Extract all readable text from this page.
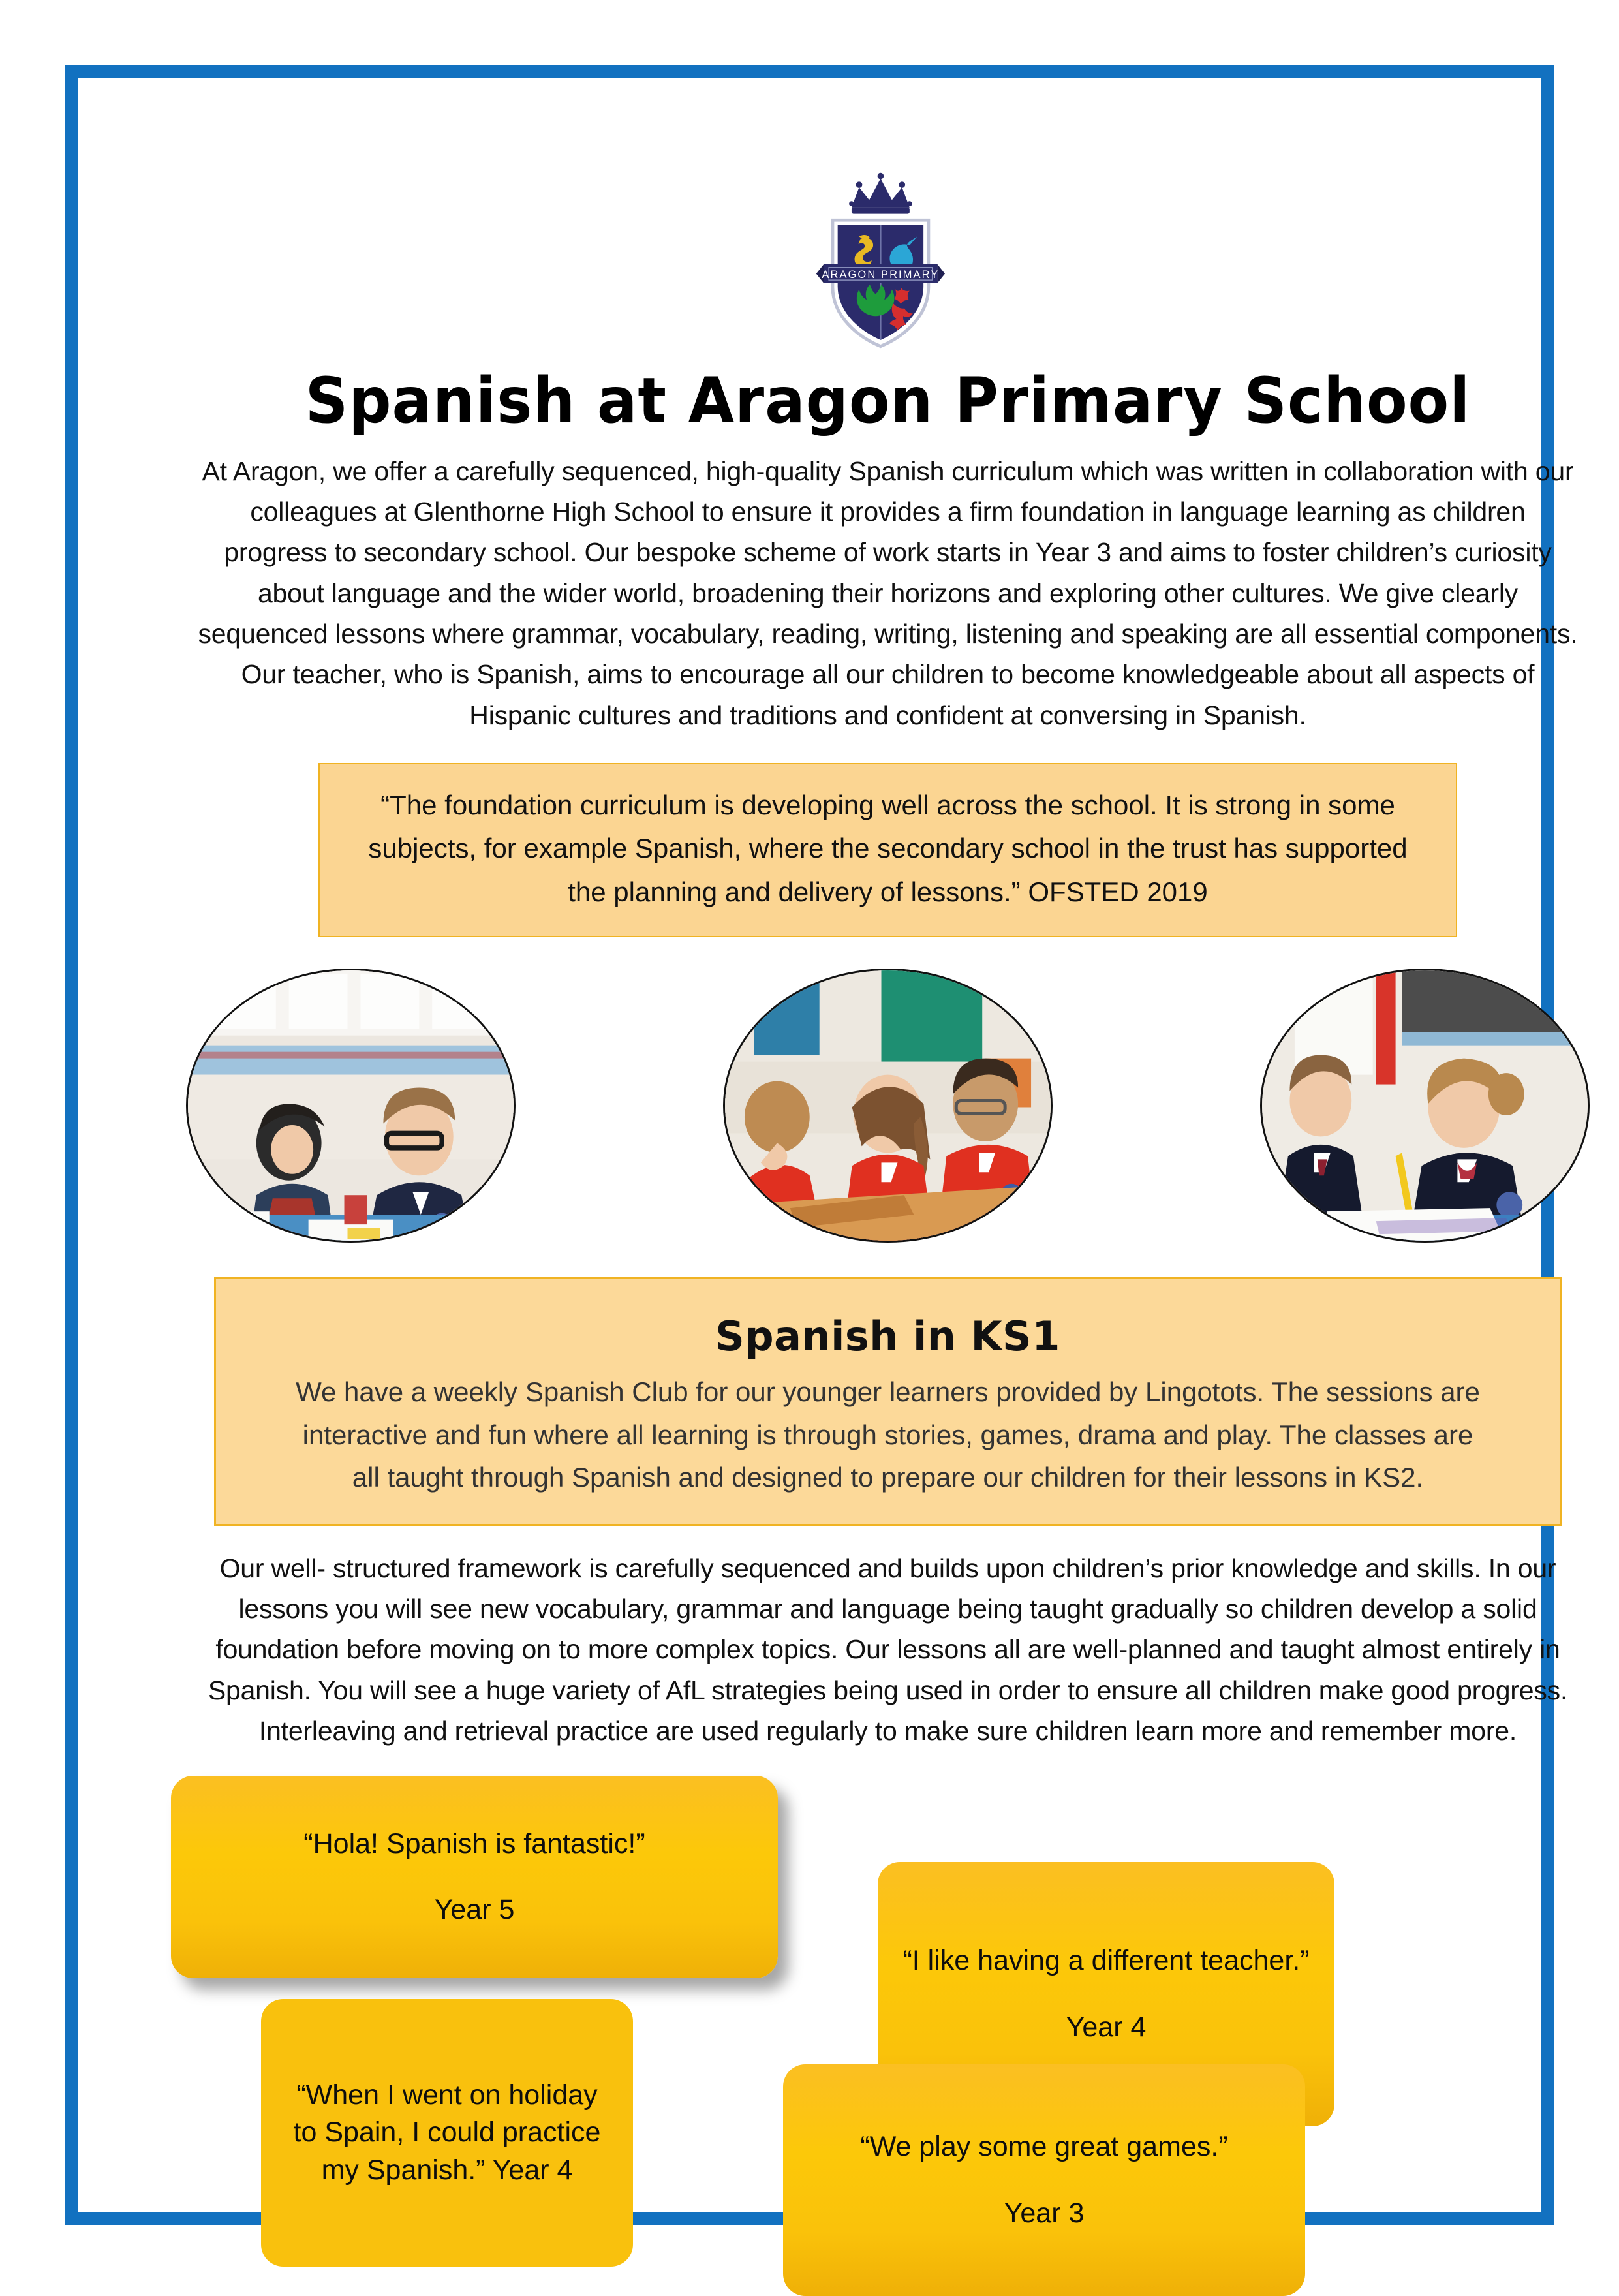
ARAGON PRIMARY
Spanish at Aragon Primary School

At Aragon, we offer a carefully sequenced, high-quality Spanish curriculum which was written in collaboration with our colleagues at Glenthorne High School to ensure it provides a firm foundation in language learning as children progress to secondary school. Our bespoke scheme of work starts in Year 3 and aims to foster children’s curiosity about language and the wider world, broadening their horizons and exploring other cultures. We give clearly sequenced lessons where grammar, vocabulary, reading, writing, listening and speaking are all essential components. Our teacher, who is Spanish, aims to encourage all our children to become knowledgeable about all aspects of Hispanic cultures and traditions and confident at conversing in Spanish.

“The foundation curriculum is developing well across the school. It is strong in some subjects, for example Spanish, where the secondary school in the trust has supported the planning and delivery of lessons.” OFSTED 2019

Spanish in KS1

We have a weekly Spanish Club for our younger learners provided by Lingotots. The sessions are interactive and fun where all learning is through stories, games, drama and play. The classes are all taught through Spanish and designed to prepare our children for their lessons in KS2.

Our well- structured framework is carefully sequenced and builds upon children’s prior knowledge and skills. In our lessons you will see new vocabulary, grammar and language being taught gradually so children develop a solid foundation before moving on to more complex topics. Our lessons all are well-planned and taught almost entirely in Spanish. You will see a huge variety of AfL strategies being used in order to ensure all children make good progress. Interleaving and retrieval practice are used regularly to make sure children learn more and remember more.

“Hola! Spanish is fantastic!”
Year 5
“I like having a different teacher.”
Year 4
“When I went on holiday to Spain, I could practice my Spanish.” Year 4
“We play some great games.”
Year 3
